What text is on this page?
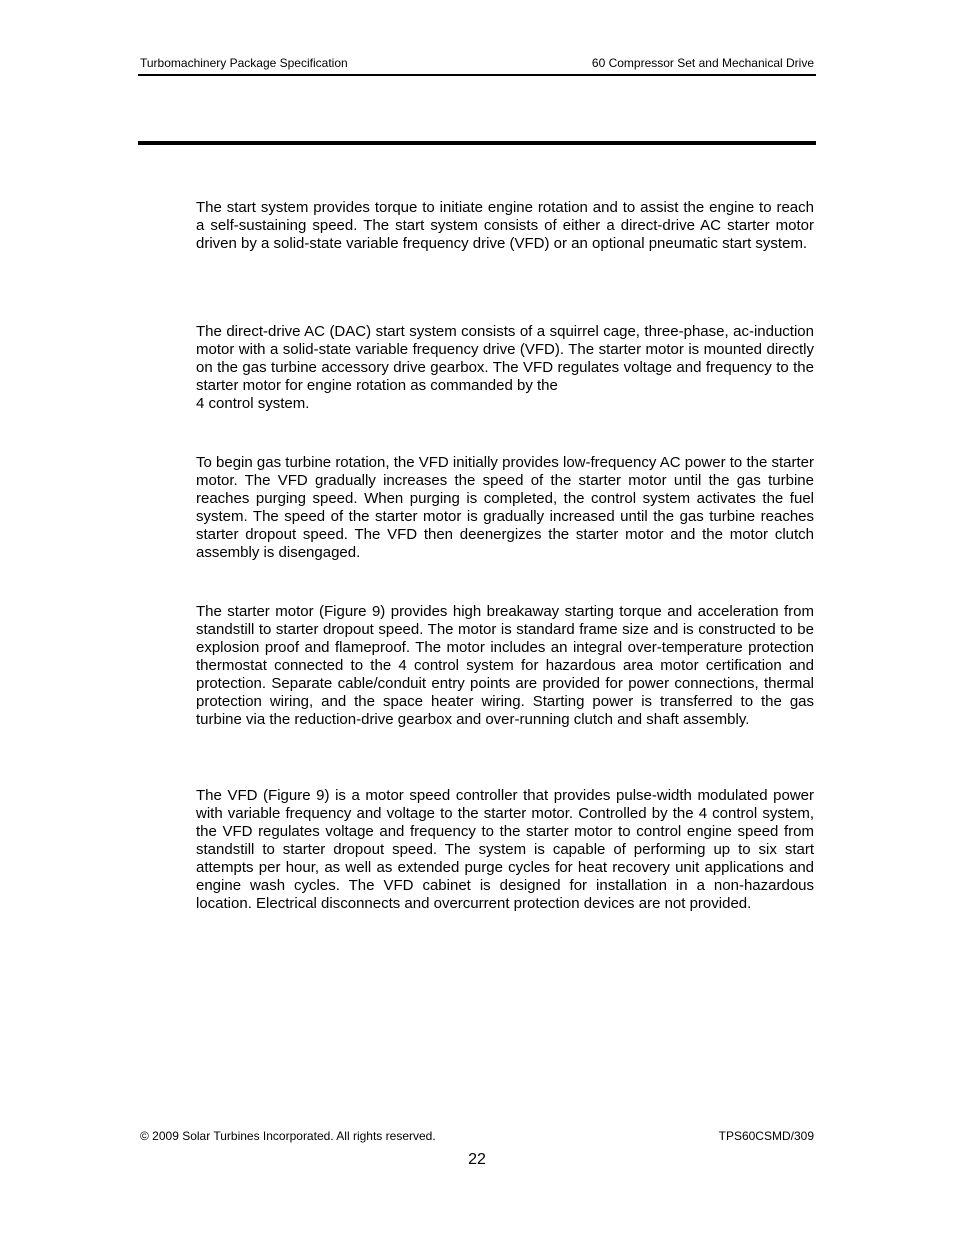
Turbomachinery Package Specification	60 Compressor Set and Mechanical Drive

The start system provides torque to initiate engine rotation and to assist the engine to reach a self-sustaining speed. The start system consists of either a direct-drive AC starter motor driven by a solid-state variable frequency drive (VFD) or an optional pneumatic start system.

The direct-drive AC (DAC) start system consists of a squirrel cage, three-phase, ac-induction motor with a solid-state variable frequency drive (VFD). The starter motor is mounted directly on the gas turbine accessory drive gearbox. The VFD regulates voltage and frequency to the starter motor for engine rotation as commanded by the
4 control system.

To begin gas turbine rotation, the VFD initially provides low-frequency AC power to the starter motor. The VFD gradually increases the speed of the starter motor until the gas turbine reaches purging speed. When purging is completed, the control system activates the fuel system. The speed of the starter motor is gradually increased until the gas turbine reaches starter dropout speed. The VFD then deenergizes the starter motor and the motor clutch assembly is disengaged.

The starter motor (Figure 9) provides high breakaway starting torque and acceleration from standstill to starter dropout speed. The motor is standard frame size and is constructed to be explosion proof and flameproof. The motor includes an integral over-temperature protection thermostat connected to the 4 control system for hazardous area motor certification and protection. Separate cable/conduit entry points are provided for power connections, thermal protection wiring, and the space heater wiring. Starting power is transferred to the gas turbine via the reduction-drive gearbox and over-running clutch and shaft assembly.

The VFD (Figure 9) is a motor speed controller that provides pulse-width modulated power with variable frequency and voltage to the starter motor. Controlled by the 4 control system, the VFD regulates voltage and frequency to the starter motor to control engine speed from standstill to starter dropout speed. The system is capable of performing up to six start attempts per hour, as well as extended purge cycles for heat recovery unit applications and engine wash cycles. The VFD cabinet is designed for installation in a non-hazardous location. Electrical disconnects and overcurrent protection devices are not provided.

© 2009 Solar Turbines Incorporated. All rights reserved.	TPS60CSMD/309
22
